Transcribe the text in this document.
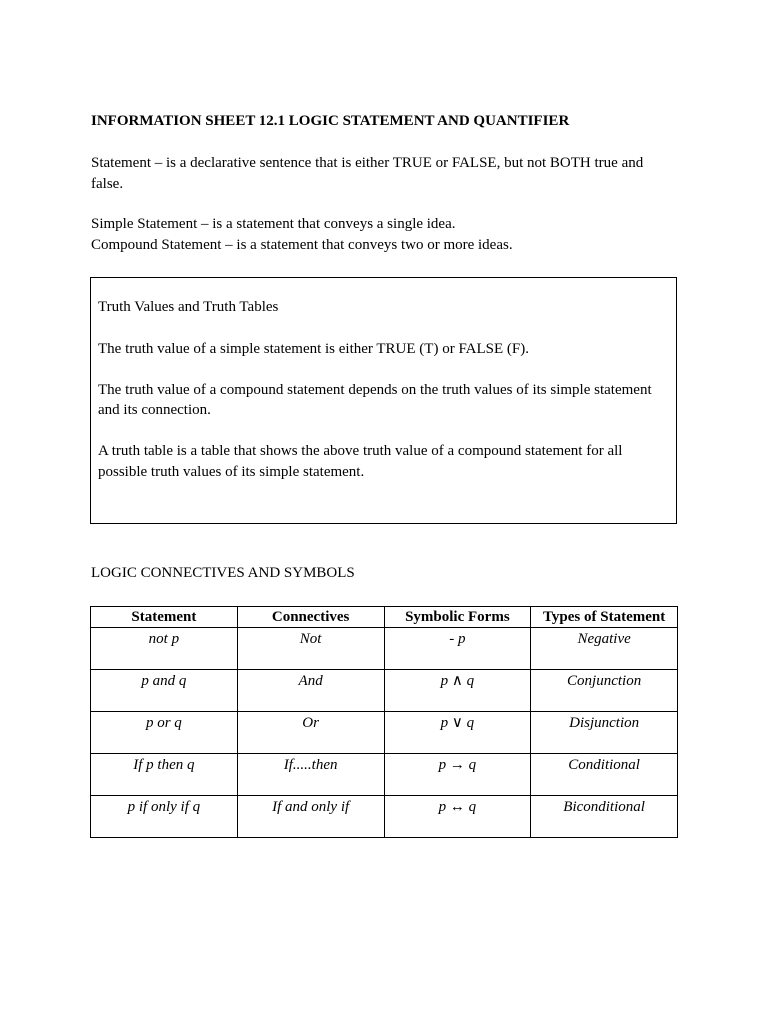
INFORMATION SHEET 12.1 LOGIC STATEMENT AND QUANTIFIER
Statement – is a declarative sentence that is either TRUE or FALSE, but not BOTH true and
false.
Simple Statement – is a statement that conveys a single idea.
Compound Statement – is a statement that conveys two or more ideas.
Truth Values and Truth Tables
The truth value of a simple statement is either TRUE (T) or FALSE (F).
The truth value of a compound statement depends on the truth values of its simple statement
and its connection.
A truth table is a table that shows the above truth value of a compound statement for all
possible truth values of its simple statement.
LOGIC CONNECTIVES AND SYMBOLS
Statement	Connectives	Symbolic Forms	Types of Statement
not p	Not	- p	Negative
p and q	And	p ∧ q	Conjunction
p or q	Or	p ∨ q	Disjunction
If p then q	If.....then	p → q	Conditional
p if only if q	If and only if	p ↔ q	Biconditional
